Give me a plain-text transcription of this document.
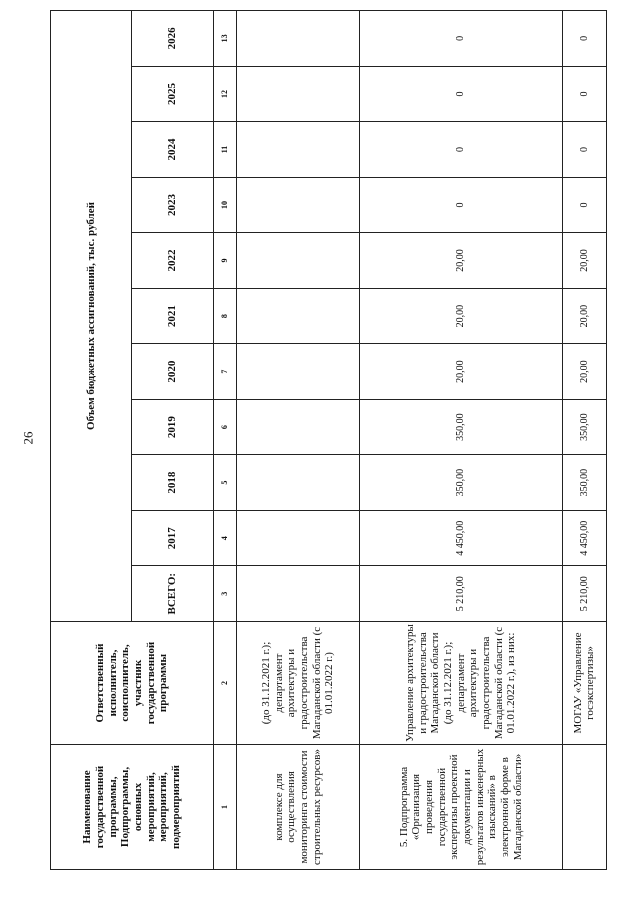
26
Наименование государственной программы, Подпрограммы, основных мероприятий, мероприятий, подмероприятий	Ответственный исполнитель, соисполнитель, участник государственной программы	Объем бюджетных ассигнований, тыс. рублей										
		ВСЕГО:	2017	2018	2019	2020	2021	2022	2023	2024	2025	2026
1	2	3	4	5	6	7	8	9	10	11	12	13
комплексе для осуществления мониторинга стоимости строительных ресурсов»	(до 31.12.2021 г.); департамент архитектуры и градостроительства Магаданской области (с 01.01.2022 г.)											
5. Подпрограмма «Организация проведения государственной экспертизы проектной документации и результатов инженерных изысканий» в электронной форме в Магаданской области»	Управление архитектуры и градостроительства Магаданской области (до 31.12.2021 г.); департамент архитектуры и градостроительства Магаданской области (с 01.01.2022 г.), из них:	5 210,00	4 450,00	350,00	350,00	20,00	20,00	20,00	0	0	0	0
	МОГАУ «Управление госэкспертизы»	5 210,00	4 450,00	350,00	350,00	20,00	20,00	20,00	0	0	0	0
